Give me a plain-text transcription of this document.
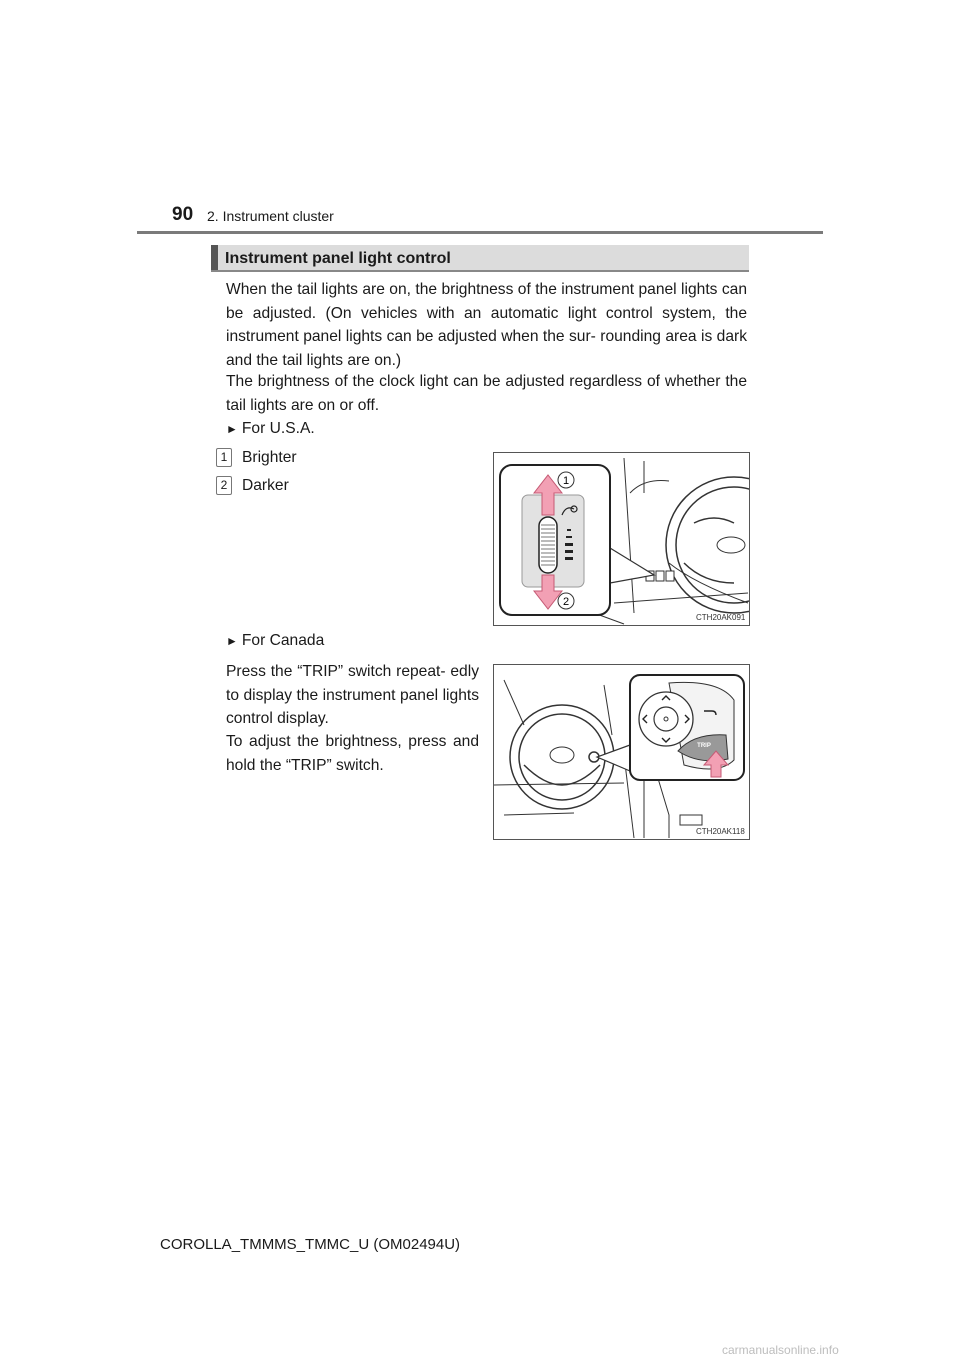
90 2. Instrument cluster
Instrument panel light control

When the tail lights are on, the brightness of the instrument panel lights can be adjusted. (On vehicles with an automatic light control system, the instrument panel lights can be adjusted when the sur- rounding area is dark and the tail lights are on.)

The brightness of the clock light can be adjusted regardless of whether the tail lights are on or off.

► For U.S.A.
1 Brighter
2 Darker	1
2
CTH20AK091
► For Canada

Press the “TRIP” switch repeat- edly to display the instrument panel lights control display.

To adjust the brightness, press and hold the “TRIP” switch.

TRIP
CTH20AK118
COROLLA_TMMMS_TMMC_U (OM02494U)
carmanualsonline.info
